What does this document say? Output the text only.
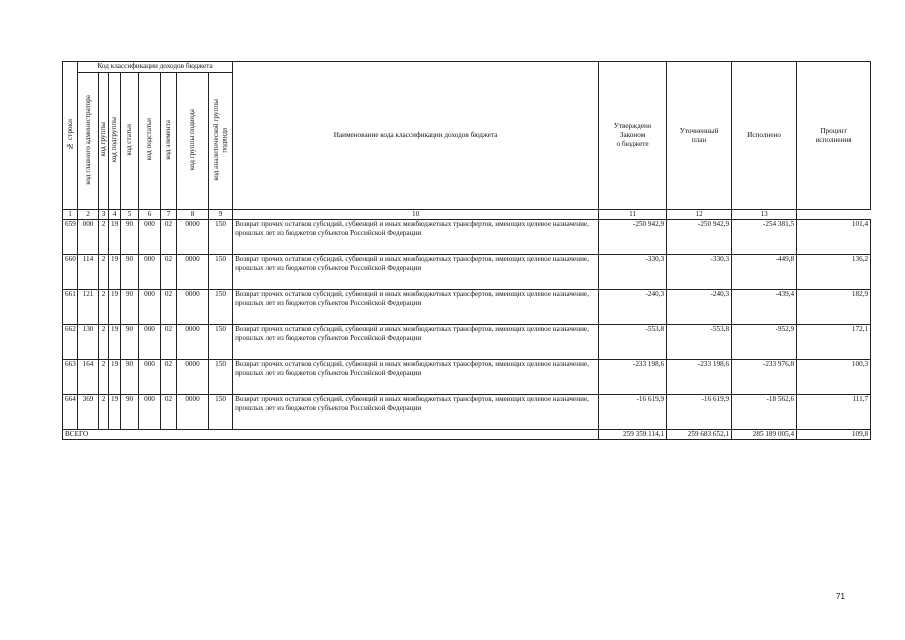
№ строки	Код классификации доходов бюджета								Наименование кода классификации доходов бюджета	Утверждено
Законом
о бюджете	Уточненный
план	Исполнено	Процент
исполнения
	код главного администратора	код группы	код подгруппы	код статьи	код подстатьи	код элемента	код группы подвида	код аналитической группы
подвида					
1	2	3	4	5	6	7	8	9	10	11	12	13	
659	000	2	19	90	000	02	0000	150	Возврат прочих остатков субсидий, субвенций и иных межбюджетных трансфертов, имеющих целевое назначение, прошлых лет из бюджетов субъектов Российской Федерации	-250 942,9	-250 942,9	-254 381,5	101,4
660	114	2	19	90	000	02	0000	150	Возврат прочих остатков субсидий, субвенций и иных межбюджетных трансфертов, имеющих целевое назначение, прошлых лет из бюджетов субъектов Российской Федерации	-330,3	-330,3	-449,8	136,2
661	121	2	19	90	000	02	0000	150	Возврат прочих остатков субсидий, субвенций и иных межбюджетных трансфертов, имеющих целевое назначение, прошлых лет из бюджетов субъектов Российской Федерации	-240,3	-240,3	-439,4	182,9
662	130	2	19	90	000	02	0000	150	Возврат прочих остатков субсидий, субвенций и иных межбюджетных трансфертов, имеющих целевое назначение, прошлых лет из бюджетов субъектов Российской Федерации	-553,8	-553,8	-952,9	172,1
663	164	2	19	90	000	02	0000	150	Возврат прочих остатков субсидий, субвенций и иных межбюджетных трансфертов, имеющих целевое назначение, прошлых лет из бюджетов субъектов Российской Федерации	-233 198,6	-233 198,6	-233 976,8	100,3
664	369	2	19	90	000	02	0000	150	Возврат прочих остатков субсидий, субвенций и иных межбюджетных трансфертов, имеющих целевое назначение, прошлых лет из бюджетов субъектов Российской Федерации	-16 619,9	-16 619,9	-18 562,6	111,7
ВСЕГО										259 359 114,1	259 683 652,1	285 189 005,4	109,8
71
